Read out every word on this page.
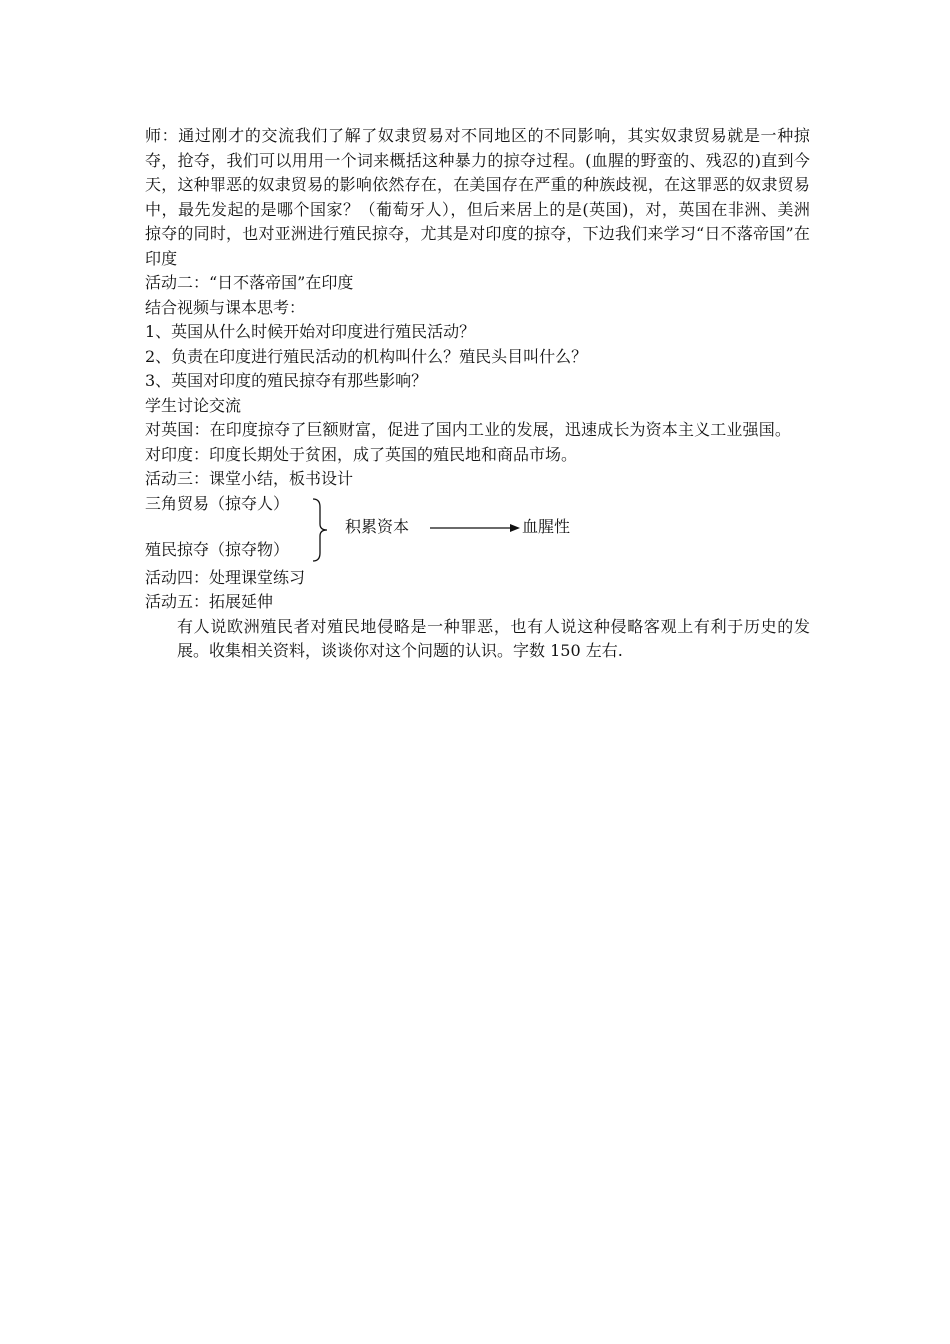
师：通过刚才的交流我们了解了奴隶贸易对不同地区的不同影响，其实奴隶贸易就是一种掠夺，抢夺，我们可以用用一个词来概括这种暴力的掠夺过程。(血腥的野蛮的、残忍的)直到今天，这种罪恶的奴隶贸易的影响依然存在，在美国存在严重的种族歧视，在这罪恶的奴隶贸易中，最先发起的是哪个国家？（葡萄牙人），但后来居上的是(英国)，对，英国在非洲、美洲掠夺的同时，也对亚洲进行殖民掠夺，尤其是对印度的掠夺，下边我们来学习“日不落帝国”在印度

活动二：“日不落帝国”在印度

结合视频与课本思考：

1、英国从什么时候开始对印度进行殖民活动？

2、负责在印度进行殖民活动的机构叫什么？殖民头目叫什么？

3、英国对印度的殖民掠夺有那些影响？

学生讨论交流

对英国：在印度掠夺了巨额财富，促进了国内工业的发展，迅速成长为资本主义工业强国。

对印度：印度长期处于贫困，成了英国的殖民地和商品市场。

活动三：课堂小结，板书设计

三角贸易（掠夺人）
积累资本	血腥性
殖民掠夺（掠夺物）

活动四：处理课堂练习

活动五：拓展延伸

有人说欧洲殖民者对殖民地侵略是一种罪恶，也有人说这种侵略客观上有利于历史的发展。收集相关资料，谈谈你对这个问题的认识。字数 150 左右.
